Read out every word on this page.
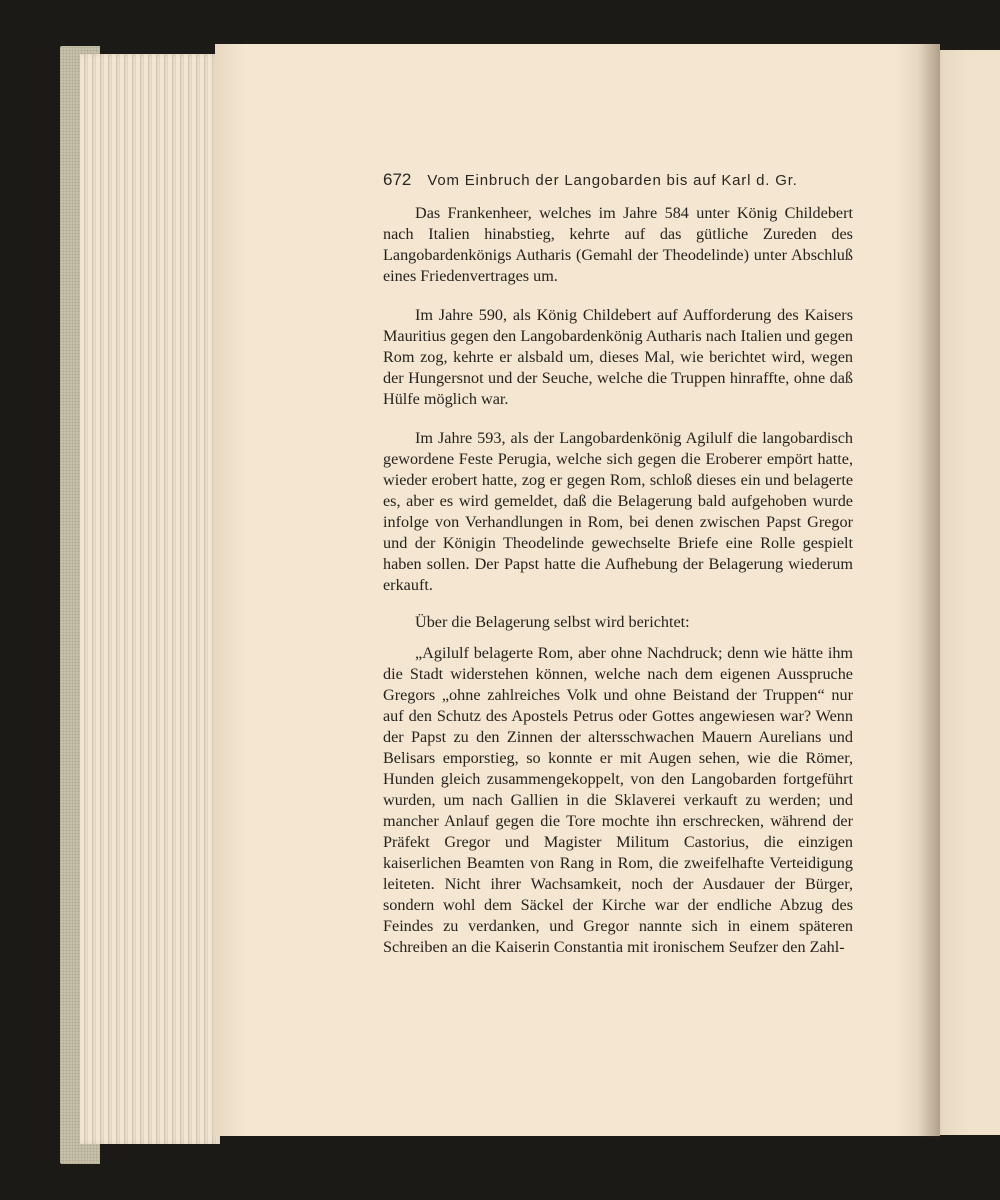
672 Vom Einbruch der Langobarden bis auf Karl d. Gr.

Das Frankenheer, welches im Jahre 584 unter König Childebert nach Italien hinabstieg, kehrte auf das gütliche Zureden des Langobardenkönigs Autharis (Gemahl der Theodelinde) unter Abschluß eines Friedenvertrages um.

Im Jahre 590, als König Childebert auf Aufforderung des Kaisers Mauritius gegen den Langobardenkönig Autharis nach Italien und gegen Rom zog, kehrte er alsbald um, dieses Mal, wie berichtet wird, wegen der Hungersnot und der Seuche, welche die Truppen hinraffte, ohne daß Hülfe möglich war.

Im Jahre 593, als der Langobardenkönig Agilulf die langobardisch gewordene Feste Perugia, welche sich gegen die Eroberer empört hatte, wieder erobert hatte, zog er gegen Rom, schloß dieses ein und belagerte es, aber es wird gemeldet, daß die Belagerung bald aufgehoben wurde infolge von Verhandlungen in Rom, bei denen zwischen Papst Gregor und der Königin Theodelinde gewechselte Briefe eine Rolle gespielt haben sollen. Der Papst hatte die Aufhebung der Belagerung wiederum erkauft.

Über die Belagerung selbst wird berichtet:

„Agilulf belagerte Rom, aber ohne Nachdruck; denn wie hätte ihm die Stadt widerstehen können, welche nach dem eigenen Ausspruche Gregors „ohne zahlreiches Volk und ohne Beistand der Truppen“ nur auf den Schutz des Apostels Petrus oder Gottes angewiesen war? Wenn der Papst zu den Zinnen der altersschwachen Mauern Aurelians und Belisars emporstieg, so konnte er mit Augen sehen, wie die Römer, Hunden gleich zusammengekoppelt, von den Langobarden fortgeführt wurden, um nach Gallien in die Sklaverei verkauft zu werden; und mancher Anlauf gegen die Tore mochte ihn erschrecken, während der Präfekt Gregor und Magister Militum Castorius, die einzigen kaiserlichen Beamten von Rang in Rom, die zweifelhafte Verteidigung leiteten. Nicht ihrer Wachsamkeit, noch der Ausdauer der Bürger, sondern wohl dem Säckel der Kirche war der endliche Abzug des Feindes zu verdanken, und Gregor nannte sich in einem späteren Schreiben an die Kaiserin Constantia mit ironischem Seufzer den Zahl-
